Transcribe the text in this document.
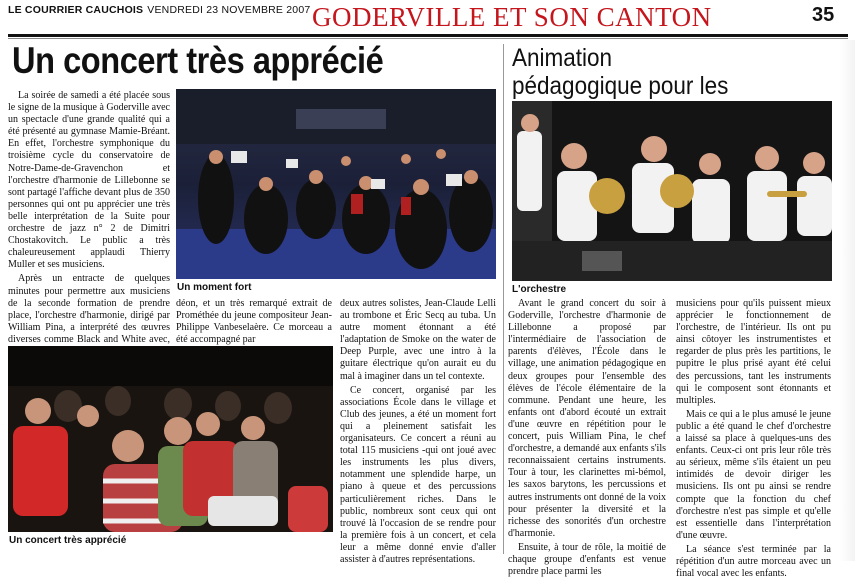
LE COURRIER CAUCHOIS VENDREDI 23 NOVEMBRE 2007 GODERVILLE ET SON CANTON	35
Un concert très apprécié

La soirée de samedi a été placée sous le signe de la musique à Goderville avec un spectacle d'une grande qualité qui a été présenté au gymnase Mamie-Bréant. En effet, l'orchestre symphonique du troisième cycle du conservatoire de Notre-Dame-de-Gravenchon et l'orchestre d'harmonie de Lillebonne se sont partagé l'affiche devant plus de 350 personnes qui ont pu apprécier une très belle interprétation de la Suite pour orchestre de jazz n° 2 de Dimitri Chostakovitch. Le public a très chaleureusement applaudi Thierry Muller et ses musiciens.

Après un entracte de quelques minutes pour permettre aux musiciens de la seconde formation de prendre place, l'orchestre d'harmonie, dirigé par William Pina, a interprété des œuvres diverses comme Black and White avec,

Un moment fort

déon, et un très remarqué extrait de Prométhée du jeune compositeur Jean-Philippe Vanbeselaère. Ce morceau a été accompagné par

deux autres solistes, Jean-Claude Lelli au trombone et Éric Secq au tuba. Un autre moment étonnant a été l'adaptation de Smoke on the water de Deep Purple, avec une intro à la guitare électrique qu'on aurait eu du mal à imaginer dans un tel contexte.

Ce concert, organisé par les associations École dans le village et Club des jeunes, a été un moment fort qui a pleinement satisfait les organisateurs. Ce concert a réuni au total 115 musiciens -qui ont joué avec les instruments les plus divers, notamment une splendide harpe, un piano à queue et des percussions particulièrement riches. Dans le public, nombreux sont ceux qui ont trouvé là l'occasion de se rendre pour la première fois à un concert, et cela leur a même donné envie d'aller assister à d'autres représentations.

Un concert très apprécié
Animation pédagogique pour les
L'orchestre

Avant le grand concert du soir à Goderville, l'orchestre d'harmonie de Lillebonne a proposé par l'intermédiaire de l'association de parents d'élèves, l'École dans le village, une animation pédagogique en deux groupes pour l'ensemble des élèves de l'école élémentaire de la commune. Pendant une heure, les enfants ont d'abord écouté un extrait d'une œuvre en répétition pour le concert, puis William Pina, le chef d'orchestre, a demandé aux enfants s'ils reconnaissaient certains instruments. Tour à tour, les clarinettes mi-bémol, les saxos barytons, les percussions et autres instruments ont donné de la voix pour présenter la diversité et la richesse des sonorités d'un orchestre d'harmonie.

Ensuite, à tour de rôle, la moitié de chaque groupe d'enfants est venue prendre place parmi les

musiciens pour qu'ils puissent mieux apprécier le fonctionnement de l'orchestre, de l'intérieur. Ils ont pu ainsi côtoyer les instrumentistes et regarder de plus près les partitions, le pupitre le plus prisé ayant été celui des percussions, tant les instruments qui le composent sont étonnants et multiples.

Mais ce qui a le plus amusé le jeune public a été quand le chef d'orchestre a laissé sa place à quelques-uns des enfants. Ceux-ci ont pris leur rôle très au sérieux, même s'ils étaient un peu intimidés de devoir diriger les musiciens. Ils ont pu ainsi se rendre compte que la fonction du chef d'orchestre n'est pas simple et qu'elle est essentielle dans l'interprétation d'une œuvre.

La séance s'est terminée par la répétition d'un autre morceau avec un final vocal avec les enfants.
